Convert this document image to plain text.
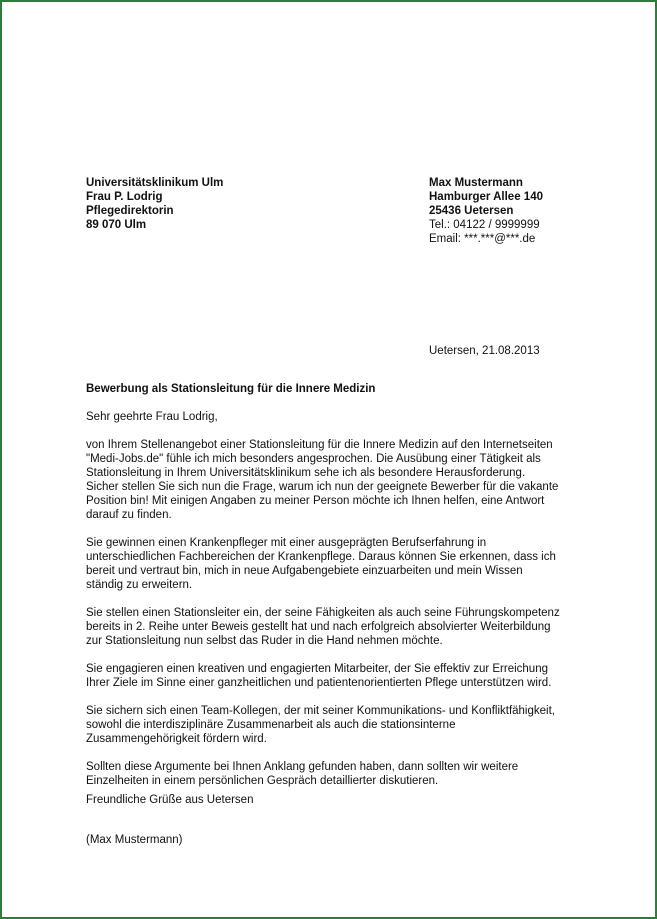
Universitätsklinikum Ulm
Frau P. Lodrig
Pflegedirektorin
89 070 Ulm
Max Mustermann
Hamburger Allee 140
25436 Uetersen
Tel.: 04122 / 9999999
Email: ***.***@***.de
Uetersen, 21.08.2013
Bewerbung als Stationsleitung für die Innere Medizin
Sehr geehrte Frau Lodrig,

von Ihrem Stellenangebot einer Stationsleitung für die Innere Medizin auf den Internetseiten
"Medi-Jobs.de" fühle ich mich besonders angesprochen. Die Ausübung einer Tätigkeit als
Stationsleitung in Ihrem Universitätsklinikum sehe ich als besondere Herausforderung.
Sicher stellen Sie sich nun die Frage, warum ich nun der geeignete Bewerber für die vakante
Position bin! Mit einigen Angaben zu meiner Person möchte ich Ihnen helfen, eine Antwort
darauf zu finden.

Sie gewinnen einen Krankenpfleger mit einer ausgeprägten Berufserfahrung in
unterschiedlichen Fachbereichen der Krankenpflege. Daraus können Sie erkennen, dass ich
bereit und vertraut bin, mich in neue Aufgabengebiete einzuarbeiten und mein Wissen
ständig zu erweitern.

Sie stellen einen Stationsleiter ein, der seine Fähigkeiten als auch seine Führungskompetenz
bereits in 2. Reihe unter Beweis gestellt hat und nach erfolgreich absolvierter Weiterbildung
zur Stationsleitung nun selbst das Ruder in die Hand nehmen möchte.

Sie engagieren einen kreativen und engagierten Mitarbeiter, der Sie effektiv zur Erreichung
Ihrer Ziele im Sinne einer ganzheitlichen und patientenorientierten Pflege unterstützen wird.

Sie sichern sich einen Team-Kollegen, der mit seiner Kommunikations- und Konfliktfähigkeit,
sowohl die interdisziplinäre Zusammenarbeit als auch die stationsinterne
Zusammengehörigkeit fördern wird.

Sollten diese Argumente bei Ihnen Anklang gefunden haben, dann sollten wir weitere
Einzelheiten in einem persönlichen Gespräch detaillierter diskutieren.

Freundliche Grüße aus Uetersen
(Max Mustermann)
